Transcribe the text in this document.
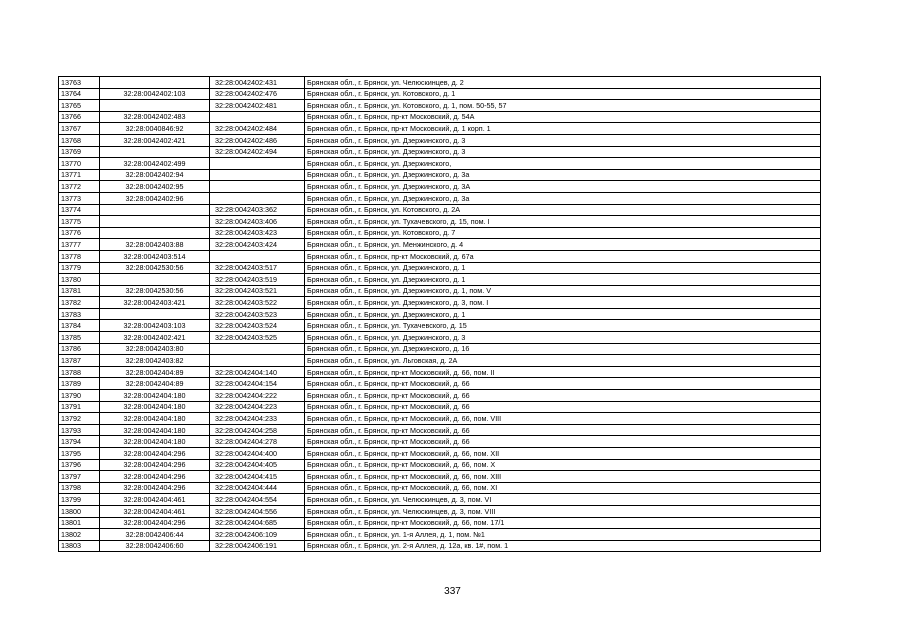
13763		32:28:0042402:431	Брянская обл., г. Брянск, ул. Челюскинцев, д. 2
13764	32:28:0042402:103	32:28:0042402:476	Брянская обл., г. Брянск, ул. Котовского, д. 1
13765		32:28:0042402:481	Брянская обл., г. Брянск, ул. Котовского, д. 1, пом. 50-55, 57
13766	32:28:0042402:483		Брянская обл., г. Брянск, пр-кт Московский, д. 54А
13767	32:28:0040846:92	32:28:0042402:484	Брянская обл., г. Брянск, пр-кт Московский, д. 1 корп. 1
13768	32:28:0042402:421	32:28:0042402:486	Брянская обл., г. Брянск, ул. Дзержинского, д. 3
13769		32:28:0042402:494	Брянская обл., г. Брянск, ул. Дзержинского, д. 3
13770	32:28:0042402:499		Брянская обл., г. Брянск, ул. Дзержинского,
13771	32:28:0042402:94		Брянская обл., г. Брянск, ул. Дзержинского, д. 3а
13772	32:28:0042402:95		Брянская обл., г. Брянск, ул. Дзержинского, д. 3А
13773	32:28:0042402:96		Брянская обл., г. Брянск, ул. Дзержинского, д. 3а
13774		32:28:0042403:362	Брянская обл., г. Брянск, ул. Котовского, д. 2А
13775		32:28:0042403:406	Брянская обл., г. Брянск, ул. Тухачевского, д. 15, пом. I
13776		32:28:0042403:423	Брянская обл., г. Брянск, ул. Котовского, д. 7
13777	32:28:0042403:88	32:28:0042403:424	Брянская обл., г. Брянск, ул. Менжинского, д. 4
13778	32:28:0042403:514		Брянская обл., г. Брянск, пр-кт Московский, д. 67а
13779	32:28:0042530:56	32:28:0042403:517	Брянская обл., г. Брянск, ул. Дзержинского, д. 1
13780		32:28:0042403:519	Брянская обл., г. Брянск, ул. Дзержинского, д. 1
13781	32:28:0042530:56	32:28:0042403:521	Брянская обл., г. Брянск, ул. Дзержинского, д. 1, пом. V
13782	32:28:0042403:421	32:28:0042403:522	Брянская обл., г. Брянск, ул. Дзержинского, д. 3, пом. I
13783		32:28:0042403:523	Брянская обл., г. Брянск, ул. Дзержинского, д. 1
13784	32:28:0042403:103	32:28:0042403:524	Брянская обл., г. Брянск, ул. Тухачевского, д. 15
13785	32:28:0042402:421	32:28:0042403:525	Брянская обл., г. Брянск, ул. Дзержинского, д. 3
13786	32:28:0042403:80		Брянская обл., г. Брянск, ул. Дзержинского, д. 16
13787	32:28:0042403:82		Брянская обл., г. Брянск, ул. Льговская, д. 2А
13788	32:28:0042404:89	32:28:0042404:140	Брянская обл., г. Брянск, пр-кт Московский, д. 66, пом. II
13789	32:28:0042404:89	32:28:0042404:154	Брянская обл., г. Брянск, пр-кт Московский, д. 66
13790	32:28:0042404:180	32:28:0042404:222	Брянская обл., г. Брянск, пр-кт Московский, д. 66
13791	32:28:0042404:180	32:28:0042404:223	Брянская обл., г. Брянск, пр-кт Московский, д. 66
13792	32:28:0042404:180	32:28:0042404:233	Брянская обл., г. Брянск, пр-кт Московский, д. 66, пом. VIII
13793	32:28:0042404:180	32:28:0042404:258	Брянская обл., г. Брянск, пр-кт Московский, д. 66
13794	32:28:0042404:180	32:28:0042404:278	Брянская обл., г. Брянск, пр-кт Московский, д. 66
13795	32:28:0042404:296	32:28:0042404:400	Брянская обл., г. Брянск, пр-кт Московский, д. 66, пом. XII
13796	32:28:0042404:296	32:28:0042404:405	Брянская обл., г. Брянск, пр-кт Московский, д. 66, пом. X
13797	32:28:0042404:296	32:28:0042404:415	Брянская обл., г. Брянск, пр-кт Московский, д. 66, пом. XIII
13798	32:28:0042404:296	32:28:0042404:444	Брянская обл., г. Брянск, пр-кт Московский, д. 66, пом. XI
13799	32:28:0042404:461	32:28:0042404:554	Брянская обл., г. Брянск, ул. Челюскинцев, д. 3, пом. VI
13800	32:28:0042404:461	32:28:0042404:556	Брянская обл., г. Брянск, ул. Челюскинцев, д. 3, пом. VIII
13801	32:28:0042404:296	32:28:0042404:685	Брянская обл., г. Брянск, пр-кт Московский, д. 66, пом. 17/1
13802	32:28:0042406:44	32:28:0042406:109	Брянская обл., г. Брянск, ул. 1-я Аллея, д. 1, пом. №1
13803	32:28:0042406:60	32:28:0042406:191	Брянская обл., г. Брянск, ул. 2-я Аллея, д. 12а, кв. 1#, пом. 1
337
